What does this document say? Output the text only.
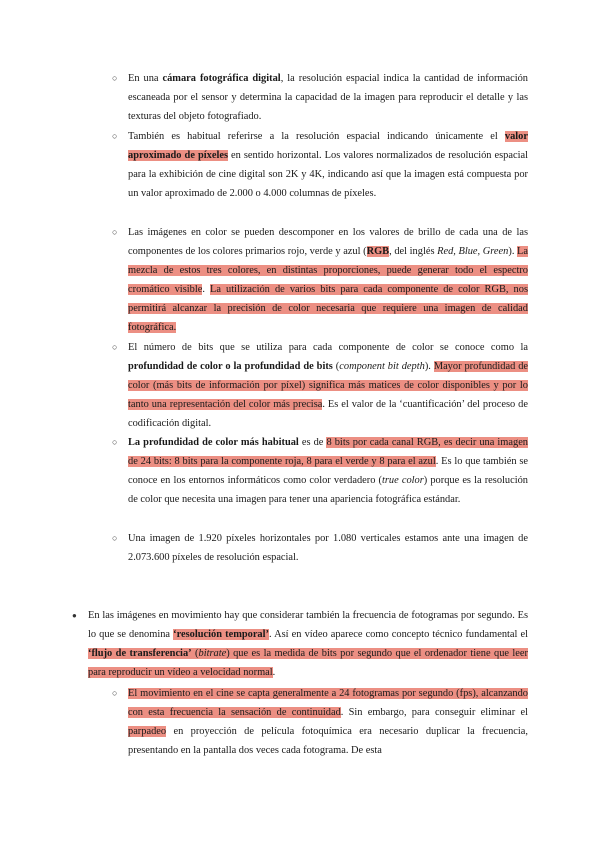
○ En una cámara fotográfica digital, la resolución espacial indica la cantidad de información escaneada por el sensor y determina la capacidad de la imagen para reproducir el detalle y las texturas del objeto fotografiado.

○ También es habitual referirse a la resolución espacial indicando únicamente el valor aproximado de píxeles en sentido horizontal. Los valores normalizados de resolución espacial para la exhibición de cine digital son 2K y 4K, indicando así que la imagen está compuesta por un valor aproximado de 2.000 o 4.000 columnas de píxeles.

○ Las imágenes en color se pueden descomponer en los valores de brillo de cada una de las componentes de los colores primarios rojo, verde y azul (RGB, del inglés Red, Blue, Green). La mezcla de estos tres colores, en distintas proporciones, puede generar todo el espectro cromático visible. La utilización de varios bits para cada componente de color RGB, nos permitirá alcanzar la precisión de color necesaria que requiere una imagen de calidad fotográfica.

○ El número de bits que se utiliza para cada componente de color se conoce como la profundidad de color o la profundidad de bits (component bit depth). Mayor profundidad de color (más bits de información por píxel) significa más matices de color disponibles y por lo tanto una representación del color más precisa. Es el valor de la ‘cuantificación’ del proceso de codificación digital.

○ La profundidad de color más habitual es de 8 bits por cada canal RGB, es decir una imagen de 24 bits: 8 bits para la componente roja, 8 para el verde y 8 para el azul. Es lo que también se conoce en los entornos informáticos como color verdadero (true color) porque es la resolución de color que necesita una imagen para tener una apariencia fotográfica estándar.

○ Una imagen de 1.920 píxeles horizontales por 1.080 verticales estamos ante una imagen de 2.073.600 píxeles de resolución espacial.

● En las imágenes en movimiento hay que considerar también la frecuencia de fotogramas por segundo. Es lo que se denomina ‘resolución temporal’. Así en vídeo aparece como concepto técnico fundamental el ‘flujo de transferencia’ (bitrate) que es la medida de bits por segundo que el ordenador tiene que leer para reproducir un vídeo a velocidad normal.

○ El movimiento en el cine se capta generalmente a 24 fotogramas por segundo (fps), alcanzando con esta frecuencia la sensación de continuidad. Sin embargo, para conseguir eliminar el parpadeo en proyección de película fotoquímica era necesario duplicar la frecuencia, presentando en la pantalla dos veces cada fotograma. De esta
